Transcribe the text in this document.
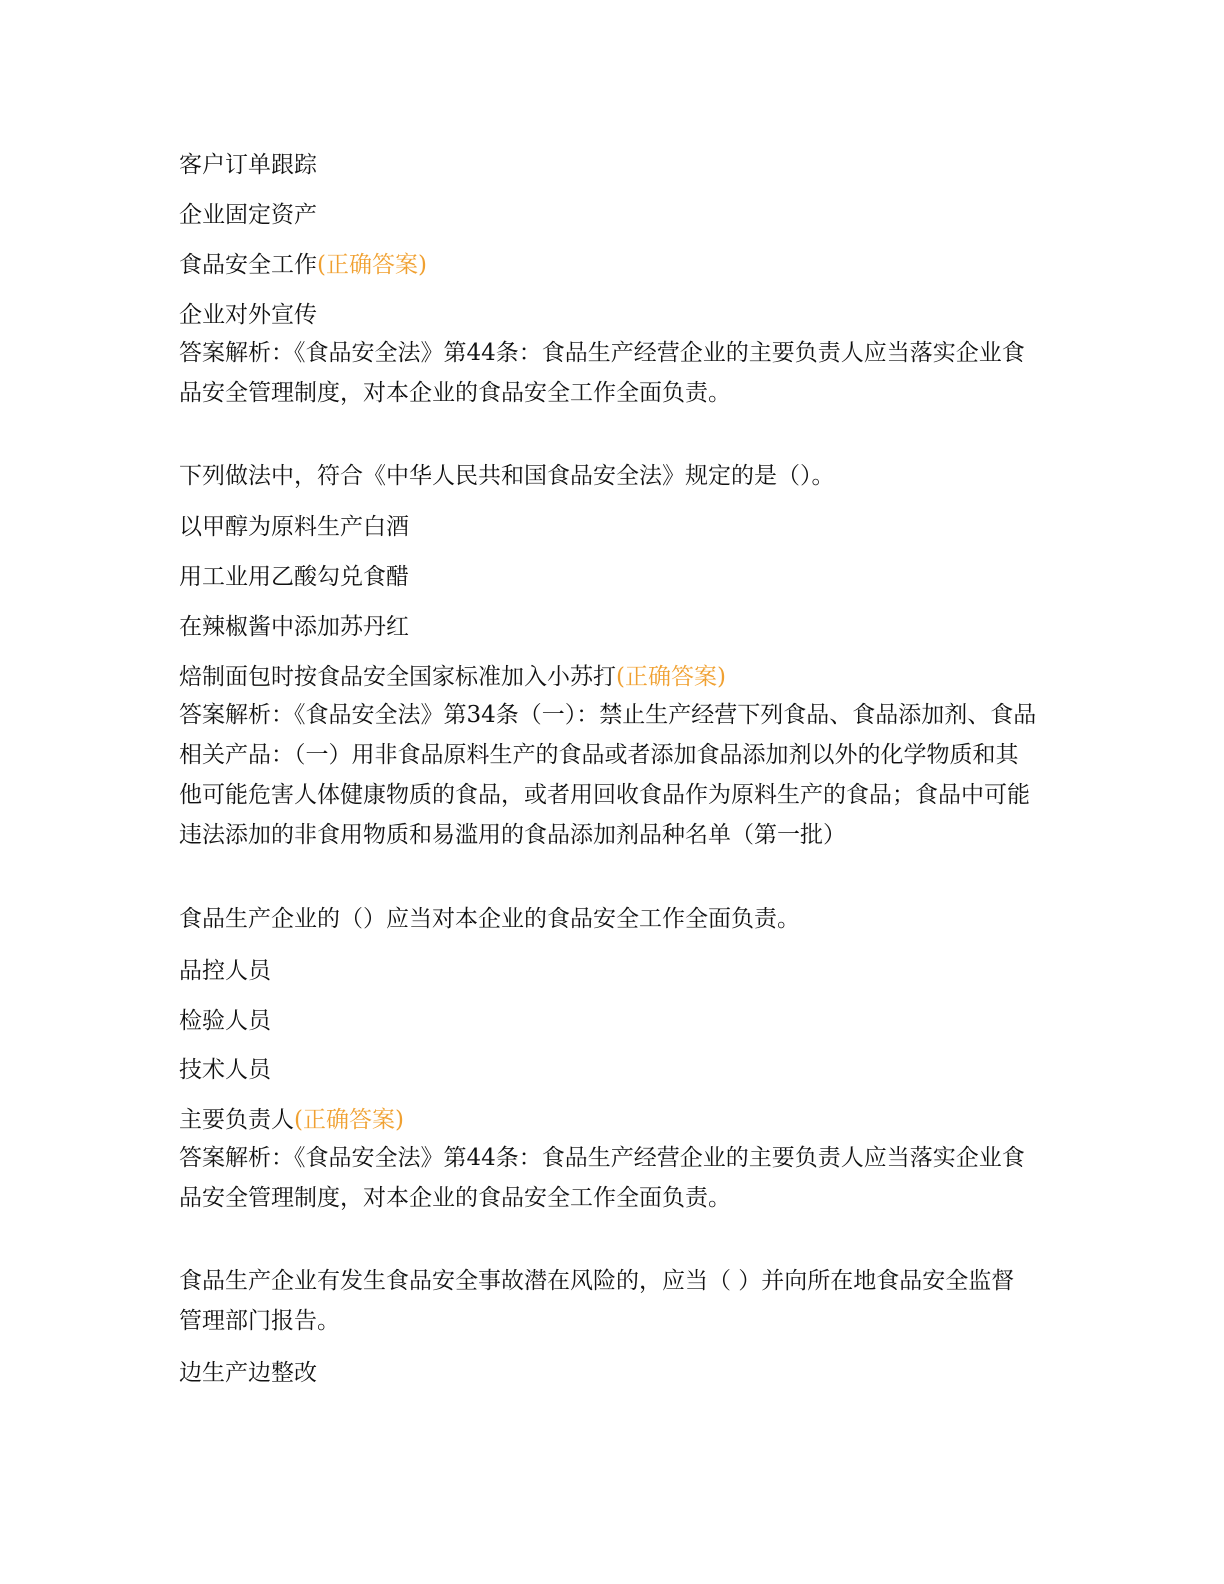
客户订单跟踪
企业固定资产
食品安全工作(正确答案)
企业对外宣传
答案解析：《食品安全法》第44条：食品生产经营企业的主要负责人应当落实企业食品安全管理制度，对本企业的食品安全工作全面负责。
下列做法中，符合《中华人民共和国食品安全法》规定的是（）。
以甲醇为原料生产白酒
用工业用乙酸勾兑食醋
在辣椒酱中添加苏丹红
焙制面包时按食品安全国家标准加入小苏打(正确答案)
答案解析：《食品安全法》第34条（一）：禁止生产经营下列食品、食品添加剂、食品相关产品：（一）用非食品原料生产的食品或者添加食品添加剂以外的化学物质和其他可能危害人体健康物质的食品，或者用回收食品作为原料生产的食品；食品中可能违法添加的非食用物质和易滥用的食品添加剂品种名单（第一批）
食品生产企业的（）应当对本企业的食品安全工作全面负责。
品控人员
检验人员
技术人员
主要负责人(正确答案)
答案解析：《食品安全法》第44条：食品生产经营企业的主要负责人应当落实企业食品安全管理制度，对本企业的食品安全工作全面负责。
食品生产企业有发生食品安全事故潜在风险的，应当（ ）并向所在地食品安全监督管理部门报告。
边生产边整改
